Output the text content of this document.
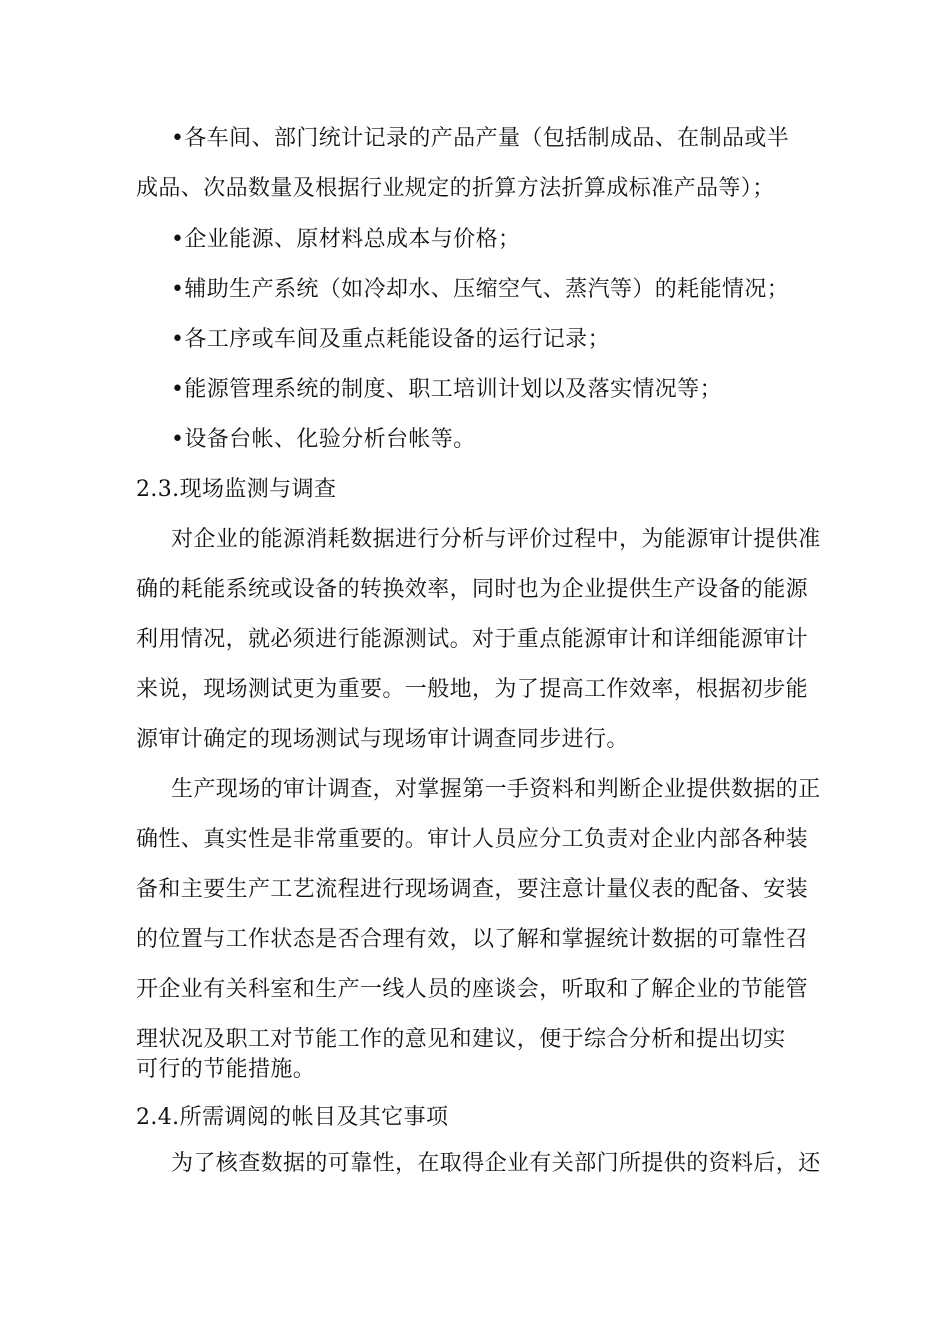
•各车间、部门统计记录的产品产量（包括制成品、在制品或半
成品、次品数量及根据行业规定的折算方法折算成标准产品等）；
•企业能源、原材料总成本与价格；
•辅助生产系统（如冷却水、压缩空气、蒸汽等）的耗能情况；
•各工序或车间及重点耗能设备的运行记录；
•能源管理系统的制度、职工培训计划以及落实情况等；
•设备台帐、化验分析台帐等。
2.3.现场监测与调查
对企业的能源消耗数据进行分析与评价过程中，为能源审计提供准
确的耗能系统或设备的转换效率，同时也为企业提供生产设备的能源
利用情况，就必须进行能源测试。对于重点能源审计和详细能源审计
来说，现场测试更为重要。一般地，为了提高工作效率，根据初步能
源审计确定的现场测试与现场审计调查同步进行。
生产现场的审计调查，对掌握第一手资料和判断企业提供数据的正
确性、真实性是非常重要的。审计人员应分工负责对企业内部各种装
备和主要生产工艺流程进行现场调查，要注意计量仪表的配备、安装
的位置与工作状态是否合理有效，以了解和掌握统计数据的可靠性召
开企业有关科室和生产一线人员的座谈会，听取和了解企业的节能管
理状况及职工对节能工作的意见和建议，便于综合分析和提出切实
可行的节能措施。
2.4.所需调阅的帐目及其它事项
为了核查数据的可靠性，在取得企业有关部门所提供的资料后，还
